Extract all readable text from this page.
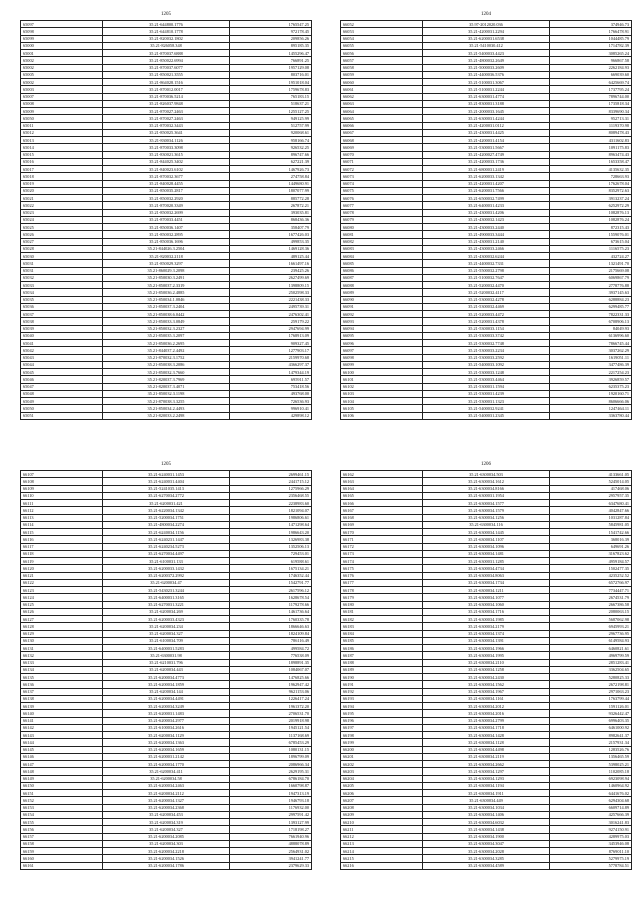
1205
65097	35.21-644800.1776	1765547.25
65098	35.21-644810.1778	972178.45
65099	35.21-820032.1802	209856.26
65000	35.21-826058.348	895185.35
65001	35.21-870037.6888	1455296.47
65002	35.21-850022.6994	766891.25
65002	35.21-870037.6077	1957129.08
65005	35.21-850021.3555	803716.01
65002	35.21-864028.1516	1951018.04
65003	35.21-870012.0017	1759678.83
65007	35.21-870036.5214	765183.15
65008	35.21-826037.9848	518637.21
65009	35.21-870027.2463	1255127.25
65050	35.21-870027.2463	949125.99
65011	35.21-870032.3443	512757.99
65012	35.21-850025.3641	920068.61
65013	35.21-830034.1126	958166.74
65014	35.21-870033.3098	926532.25
65015	35.21-830021.3615	896747.66
65016	35.21-844025.3402	627221.39
65017	35.21-840023.6102	1467926.73
65018	35.21-870032.3677	274758.84
65019	35.21-840028.4455	1449680.91
65020	35.21-850035.2817	1807077.99
65021	35.21-850032.2920	885772.28
65022	35.21-870020.3349	267872.21
65023	35.21-850032.2699	393035.81
65024	35.21-870033.4451	868436.36
65025	35.21-850036.1407	358407.79
65026	35.21-850032.2895	1677426.03
65027	35.21-850036.1696	499853.35
65028	35.21-844026.3.2504	1469128.36
65030	35.21-820032.2118	489125.44
65031	35.21-850029.3297	1661497.16
65031	35.21-860029.3.2098	239425.26
65032	35.21-850030.3.2491	2627499.69
65033	35.21-850037.2.3319	1398809.15
65034	35.21-850036.2.4885	2502598.33
65035	35.21-850034.1.0846	2221438.33
65036	35.21-850037.3.2404	2495739.31
65037	35.21-850038.6.0442	2476302.41
65038	35.21-850033.3.0849	259179.22
65039	35.21-850032.3.2327	2947694.99
65040	35.21-850035.3.2097	1768913.09
65041	35.21-850036.2.2695	909327.45
65042	35.21-844037.2.4492	1277903.17
65043	35.21-870032.3.1752	2159970.68
65044	35.21-850038.3.2086	4366297.37
65045	35.21-850032.3.7660	1479344.19
65046	35.21-820037.3.7969	695911.57
65047	35.21-820037.3.4071	753418.56
65048	35.21-850032.3.1198	493768.00
65049	35.21-870038.3.3255	726536.93
65050	35.21-850034.2.4493	996910.41
65051	35.21-820033.2.2498	429898.12
1204
66052	35.97-2012020.036	374946.73
66053	35.21-4200031.2294	1766478.91
66054	35.21-6200031.6538	1044485.79
66055	35.21-5410030.412	1714782.39
66056	35.21-5400033.4423	3085265.24
66057	35.21-4800032.2649	966867.58
66058	35.21-5000033.2609	2262184.93
66059	35.21-4400036.5376	669039.60
66060	35.21-5100031.3067	6425669.74
66061	35.21-5100031.2244	1737795.24
66062	35.21-6300031.4774	7896744.00
66063	35.21-8300031.3188	1735818.34
66064	35.21-2000033.1645	8339690.34
66065	35.21-6300031.4244	952713.31
66066	35.21-4200031.0112	1119370.98
66067	35.21-4300031.4425	8089478.43
66068	35.21-4200031.4154	4311602.83
66069	35.21-5300031.5667	1091175.83
66070	35.21-4200027.4749	8963474.43
66071	35.21-4200033.1736	1653358.47
66072	35.21-6800031.2419	4135632.35
66073	35.21-6200033.1342	728663.93
66074	35.21-4200031.4207	1762678.04
66075	35.21-6200031.7566	8352972.63
66076	35.21-6500032.7499	3913237.24
66077	35.21-6400031.4233	6252972.29
66078	35.21-4300031.4206	1082876.13
66079	35.21-4300032.1423	1082876.24
66080	35.21-4300033.2440	872315.43
66081	35.21-4900033.3444	1559076.01
66082	35.21-4300031.2140	673615.04
66083	35.21-4300033.2466	1116575.23
66084	35.21-4300032.6244	432724.27
66085	35.21-4400032.7331	1321491.70
66086	35.21-5500032.2798	2175669.08
66087	35.21-5100032.7647	6069867.79
66088	35.21-5200032.4470	2778776.88
66089	35.21-5200032.4117	3937145.63
66090	35.21-5300032.4278	6288884.23
66091	35.21-5300032.4469	6299485.77
66092	35.21-5200033.4472	7822331.33
66093	35.21-5200031.4378	6708906.13
66094	35.21-5300033.1154	84049.93
66095	35.21-5300033.3742	6136996.60
66096	35.21-5300032.7748	7866745.44
66097	35.21-5300033.2234	3037262.29
66098	35.21-5300033.2592	1619051.11
66099	35.21-5400033.1092	3477486.39
66100	35.21-5300033.1248	2217254.23
66101	35.21-5300033.4464	3926859.57
66102	35.21-5300031.1594	6235375.23
66103	35.21-5300031.4239	1920160.71
66104	35.21-5300031.1323	8606666.06
66105	35.21-5400032.9241	1247464.11
66106	35.21-5400031.2345	3363780.44
1205
66107	35.21-6240031.1453	2699461.15
66108	35.21-6240031.4404	2441715.12
66109	35.21-5241035.1413	1275966.29
66110	35.21-6270034.2772	2356468.55
66111	35.21-6200031.421	2238983.60
66112	35.21-6220034.1342	1821094.07
66113	35.21-5200034.1751	1986806.61
66114	35.21-4800034.2274	1471298.64
66115	35.21-6240034.1156	1986643.20
66116	35.21-6240231.1447	1326983.38
66117	35.21-6240234.5273	1352506.13
66118	35.21-6270034.4497	729453.01
66119	35.21-6100031.133	619588.61
66120	35.21-6200033.1432	1675134.21
66121	35.21-6200372.2992	1746352.44
66122	35.21-6200034.47	1542791.77
66123	35.21-5430231.3244	2617596.12
66124	35.21-6400031.3165	1628678.54
66125	35.21-6270031.3221	1179278.66
66126	35.21-6200034.269	1461736.64
66127	35.21-6200033.4323	1760335.78
66128	35.21-6200034.234	1866646.63
66129	35.21-6200034.327	1824109.84
66130	35.21-6100034.709	786116.49
66131	35.21-6400031.5283	499584.72
66132	35.21-6300031.98	776538.09
66133	35.21-6210031.796	1898891.35
66134	35.21-6200034.443	1084067.07
66135	35.21-6200034.4773	1476825.66
66136	35.21-6200034.1859	1962947.42
66137	35.21-6200034.144	9621153.06
66138	35.21-6200034.4491	1226417.24
66139	35.21-6200034.3249	1961372.20
66140	35.21-6200031.1483	2706531.70
66141	35.21-6200034.2977	2019918.98
66142	35.21-6100034.2616	1945121.54
66143	35.21-6200034.1129	1137168.69
66144	35.21-6200034.1363	6785453.29
66145	35.21-6200034.1659	1080131.15
66146	35.21-6200031.2142	1896799.09
66147	35.21-6200034.1770	2086966.34
66148	35.21-6200034.411	2629195.31
66149	35.21-6200034.58	6786184.70
66150	35.21-6200034.2463	1660798.87
66151	35.21-6200034.2112	1947313.19
66152	35.21-6200034.1327	1946793.18
66153	35.21-6200034.2368	1176932.00
66154	35.21-6200034.453	2997591.42
66155	35.21-6200034.319	1393127.99
66156	35.21-6200034.327	1718198.27
66157	35.21-6200034.2085	7661940.96
66158	35.21-6200034.303	4888078.89
66159	35.21-6200034.2218	2564931.02
66160	35.21-6200034.1526	3941241.77
66161	35.21-6200034.1786	2379629.33
1206
66162	35.21-6300034.503	4133661.05
66163	35.21-6300034.1612	5245014.05
66164	35.21-6300034.8166	417468.06
66165	35.21-6300031.1954	2957957.35
66166	35.21-6300034.1577	6347680.41
66167	35.21-6300034.1579	4042847.66
66168	35.21-6300034.1256	1031287.84
66169	35.21-6300034.116	5845981.05
66170	35.21-6300034.1445	1541742.66
66171	35.21-6300034.1107	368016.39
66172	35.21-6300034.1096	649691.26
66173	35.21-6300034.1481	3167823.62
66174	35.21-6300031.1285	4959184.57
66175	35.21-6300034.4734	1502477.35
66176	35.21-6300034.8063	4235252.52
66177	35.21-6300034.1734	6572766.97
66178	35.21-6300034.1211	7734447.71
66179	35.21-6300034.1077	2674531.79
66180	35.21-6300034.1060	2667386.58
66181	35.21-6300034.1716	2080063.15
66182	35.21-6300034.1985	5687062.98
66183	35.21-6300034.2179	6945993.21
66184	35.21-6300034.1374	2967736.95
66185	35.21-6300034.1391	6149584.93
66186	35.21-6300034.1966	6460821.61
66187	35.21-6300034.1995	4969799.59
66188	35.21-6300034.2110	2851283.41
66189	35.21-6300034.1258	3362504.65
66190	35.21-6300034.2430	5280825.33
66191	35.21-6300034.1562	2672198.81
66192	35.21-6300034.1967	2971063.23
66193	35.21-6300034.1161	1763799.44
66194	35.21-6300034.2012	1591126.01
66195	35.21-6300034.2016	9326442.47
66196	35.21-6300034.2799	6996403.35
66197	35.21-6300034.1718	6461000.92
66198	35.21-6300034.1428	8982641.37
66199	35.21-6300034.1128	2157931.34
66200	35.21-6300034.4498	1283526.76
66201	35.21-6300034.2119	1356465.59
66202	35.21-6300034.2662	5398025.21
66203	35.21-6300034.1297	1102085.18
66204	35.21-6300034.1293	6923098.94
66205	35.21-6300034.1194	1460964.92
66206	35.21-6300034.1911	6441676.02
66207	35.21-6300034.449	6294304.68
66208	35.21-6300034.1034	6609714.89
66209	35.21-6300034.1406	4257666.39
66210	35.21-6300034.6032	3016241.83
66211	35.21-6300034.1438	9274150.91
66212	35.21-6300034.1900	4289975.03
66213	35.21-6300034.3047	3453946.08
66214	35.21-6300034.2028	8769011.10
66215	35.21-6300034.3285	5279975.19
66216	35.21-6300034.4589	5778784.51
